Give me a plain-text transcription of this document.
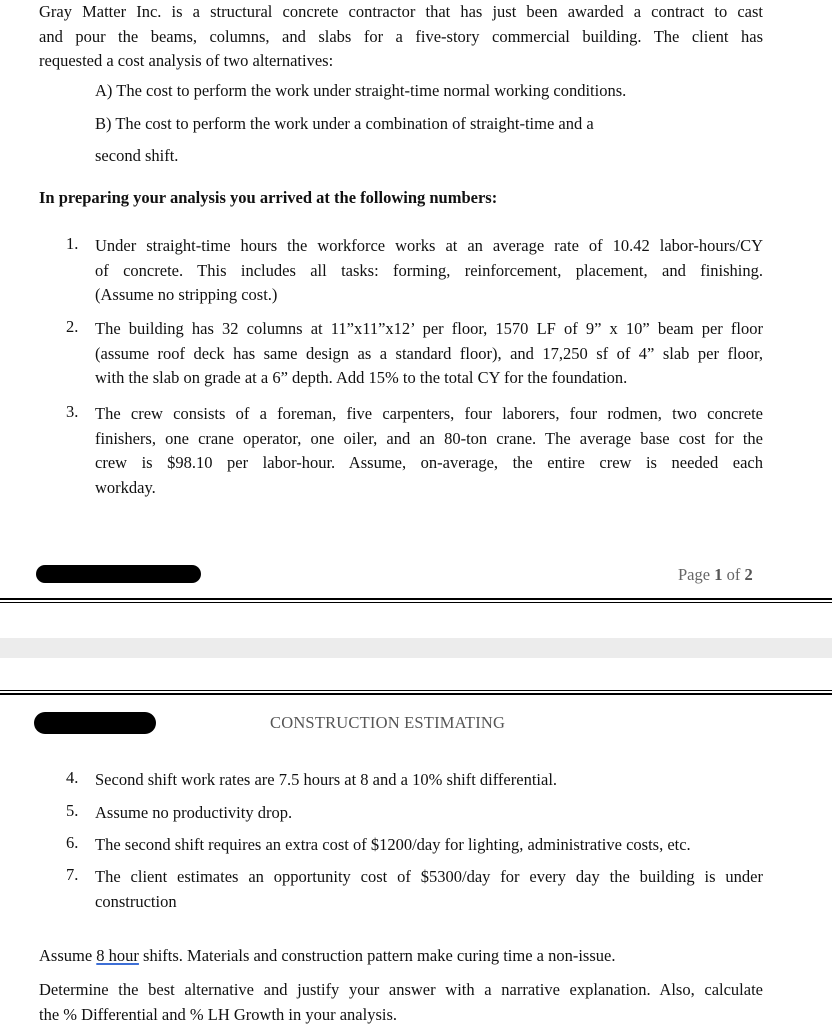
Gray Matter Inc. is a structural concrete contractor that has just been awarded a contract to cast
and pour the beams, columns, and slabs for a five-story commercial building. The client has
requested a cost analysis of two alternatives:
A) The cost to perform the work under straight-time normal working conditions.
B) The cost to perform the work under a combination of straight-time and a
second shift.
In preparing your analysis you arrived at the following numbers:
1. Under straight-time hours the workforce works at an average rate of 10.42 labor-hours/CY
of concrete. This includes all tasks: forming, reinforcement, placement, and finishing.
(Assume no stripping cost.)
2. The building has 32 columns at 11”x11”x12’ per floor, 1570 LF of 9” x 10” beam per floor
(assume roof deck has same design as a standard floor), and 17,250 sf of 4” slab per floor,
with the slab on grade at a 6” depth. Add 15% to the total CY for the foundation.
3. The crew consists of a foreman, five carpenters, four laborers, four rodmen, two concrete
finishers, one crane operator, one oiler, and an 80-ton crane. The average base cost for the
crew is $98.10 per labor-hour. Assume, on-average, the entire crew is needed each
workday.
Page 1 of 2
CONSTRUCTION ESTIMATING
4. Second shift work rates are 7.5 hours at 8 and a 10% shift differential.
5. Assume no productivity drop.
6. The second shift requires an extra cost of $1200/day for lighting, administrative costs, etc.
7. The client estimates an opportunity cost of $5300/day for every day the building is under
construction
Assume 8 hour shifts. Materials and construction pattern make curing time a non-issue.
Determine the best alternative and justify your answer with a narrative explanation. Also, calculate
the % Differential and % LH Growth in your analysis.
